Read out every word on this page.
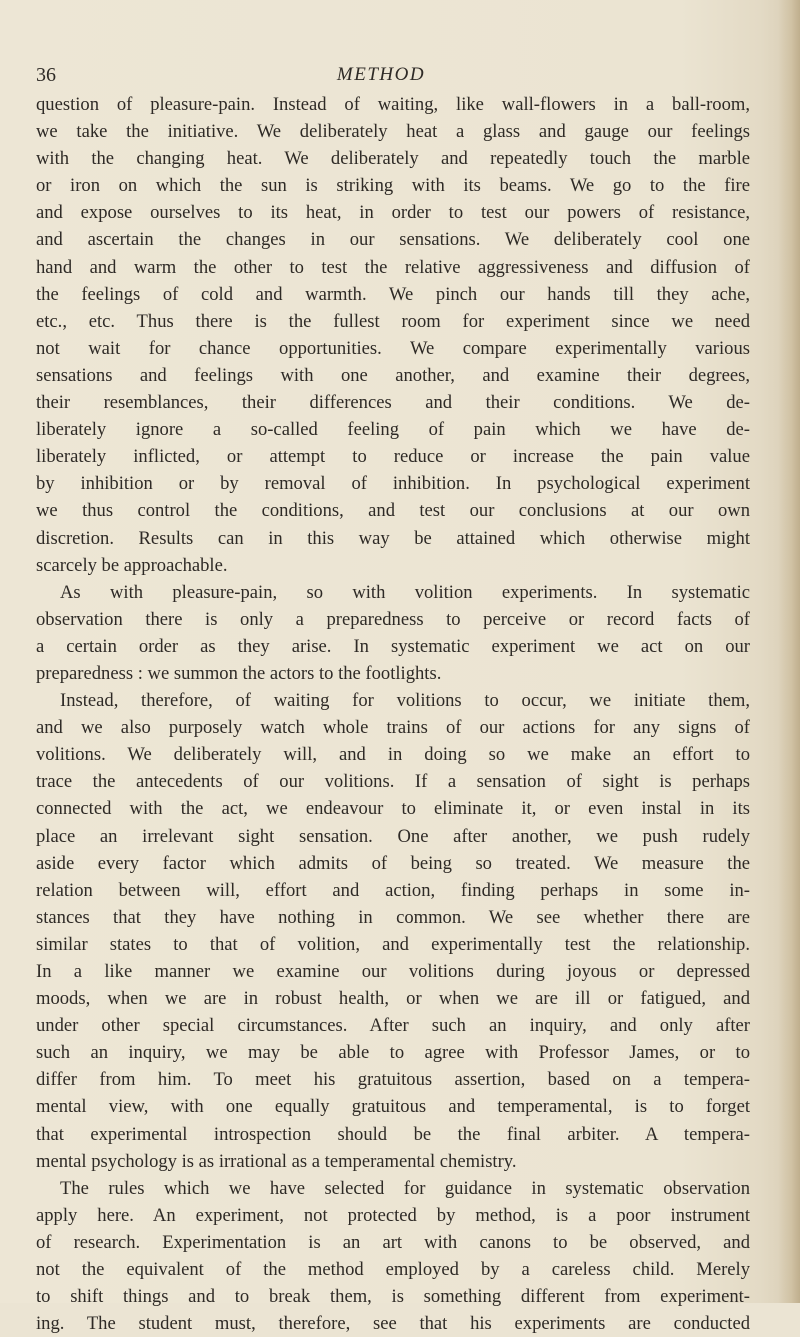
36	METHOD
question of pleasure-pain. Instead of waiting, like wall-flowers in a ball-room,
we take the initiative. We deliberately heat a glass and gauge our feelings
with the changing heat. We deliberately and repeatedly touch the marble
or iron on which the sun is striking with its beams. We go to the fire
and expose ourselves to its heat, in order to test our powers of resistance,
and ascertain the changes in our sensations. We deliberately cool one
hand and warm the other to test the relative aggressiveness and diffusion of
the feelings of cold and warmth. We pinch our hands till they ache,
etc., etc. Thus there is the fullest room for experiment since we need
not wait for chance opportunities. We compare experimentally various
sensations and feelings with one another, and examine their degrees,
their resemblances, their differences and their conditions. We de-
liberately ignore a so-called feeling of pain which we have de-
liberately inflicted, or attempt to reduce or increase the pain value
by inhibition or by removal of inhibition. In psychological experiment
we thus control the conditions, and test our conclusions at our own
discretion. Results can in this way be attained which otherwise might
scarcely be approachable.
As with pleasure-pain, so with volition experiments. In systematic
observation there is only a preparedness to perceive or record facts of
a certain order as they arise. In systematic experiment we act on our
preparedness : we summon the actors to the footlights.
Instead, therefore, of waiting for volitions to occur, we initiate them,
and we also purposely watch whole trains of our actions for any signs of
volitions. We deliberately will, and in doing so we make an effort to
trace the antecedents of our volitions. If a sensation of sight is perhaps
connected with the act, we endeavour to eliminate it, or even instal in its
place an irrelevant sight sensation. One after another, we push rudely
aside every factor which admits of being so treated. We measure the
relation between will, effort and action, finding perhaps in some in-
stances that they have nothing in common. We see whether there are
similar states to that of volition, and experimentally test the relationship.
In a like manner we examine our volitions during joyous or depressed
moods, when we are in robust health, or when we are ill or fatigued, and
under other special circumstances. After such an inquiry, and only after
such an inquiry, we may be able to agree with Professor James, or to
differ from him. To meet his gratuitous assertion, based on a tempera-
mental view, with one equally gratuitous and temperamental, is to forget
that experimental introspection should be the final arbiter. A tempera-
mental psychology is as irrational as a temperamental chemistry.
The rules which we have selected for guidance in systematic observation
apply here. An experiment, not protected by method, is a poor instrument
of research. Experimentation is an art with canons to be observed, and
not the equivalent of the method employed by a careless child. Merely
to shift things and to break them, is something different from experiment-
ing. The student must, therefore, see that his experiments are conducted
